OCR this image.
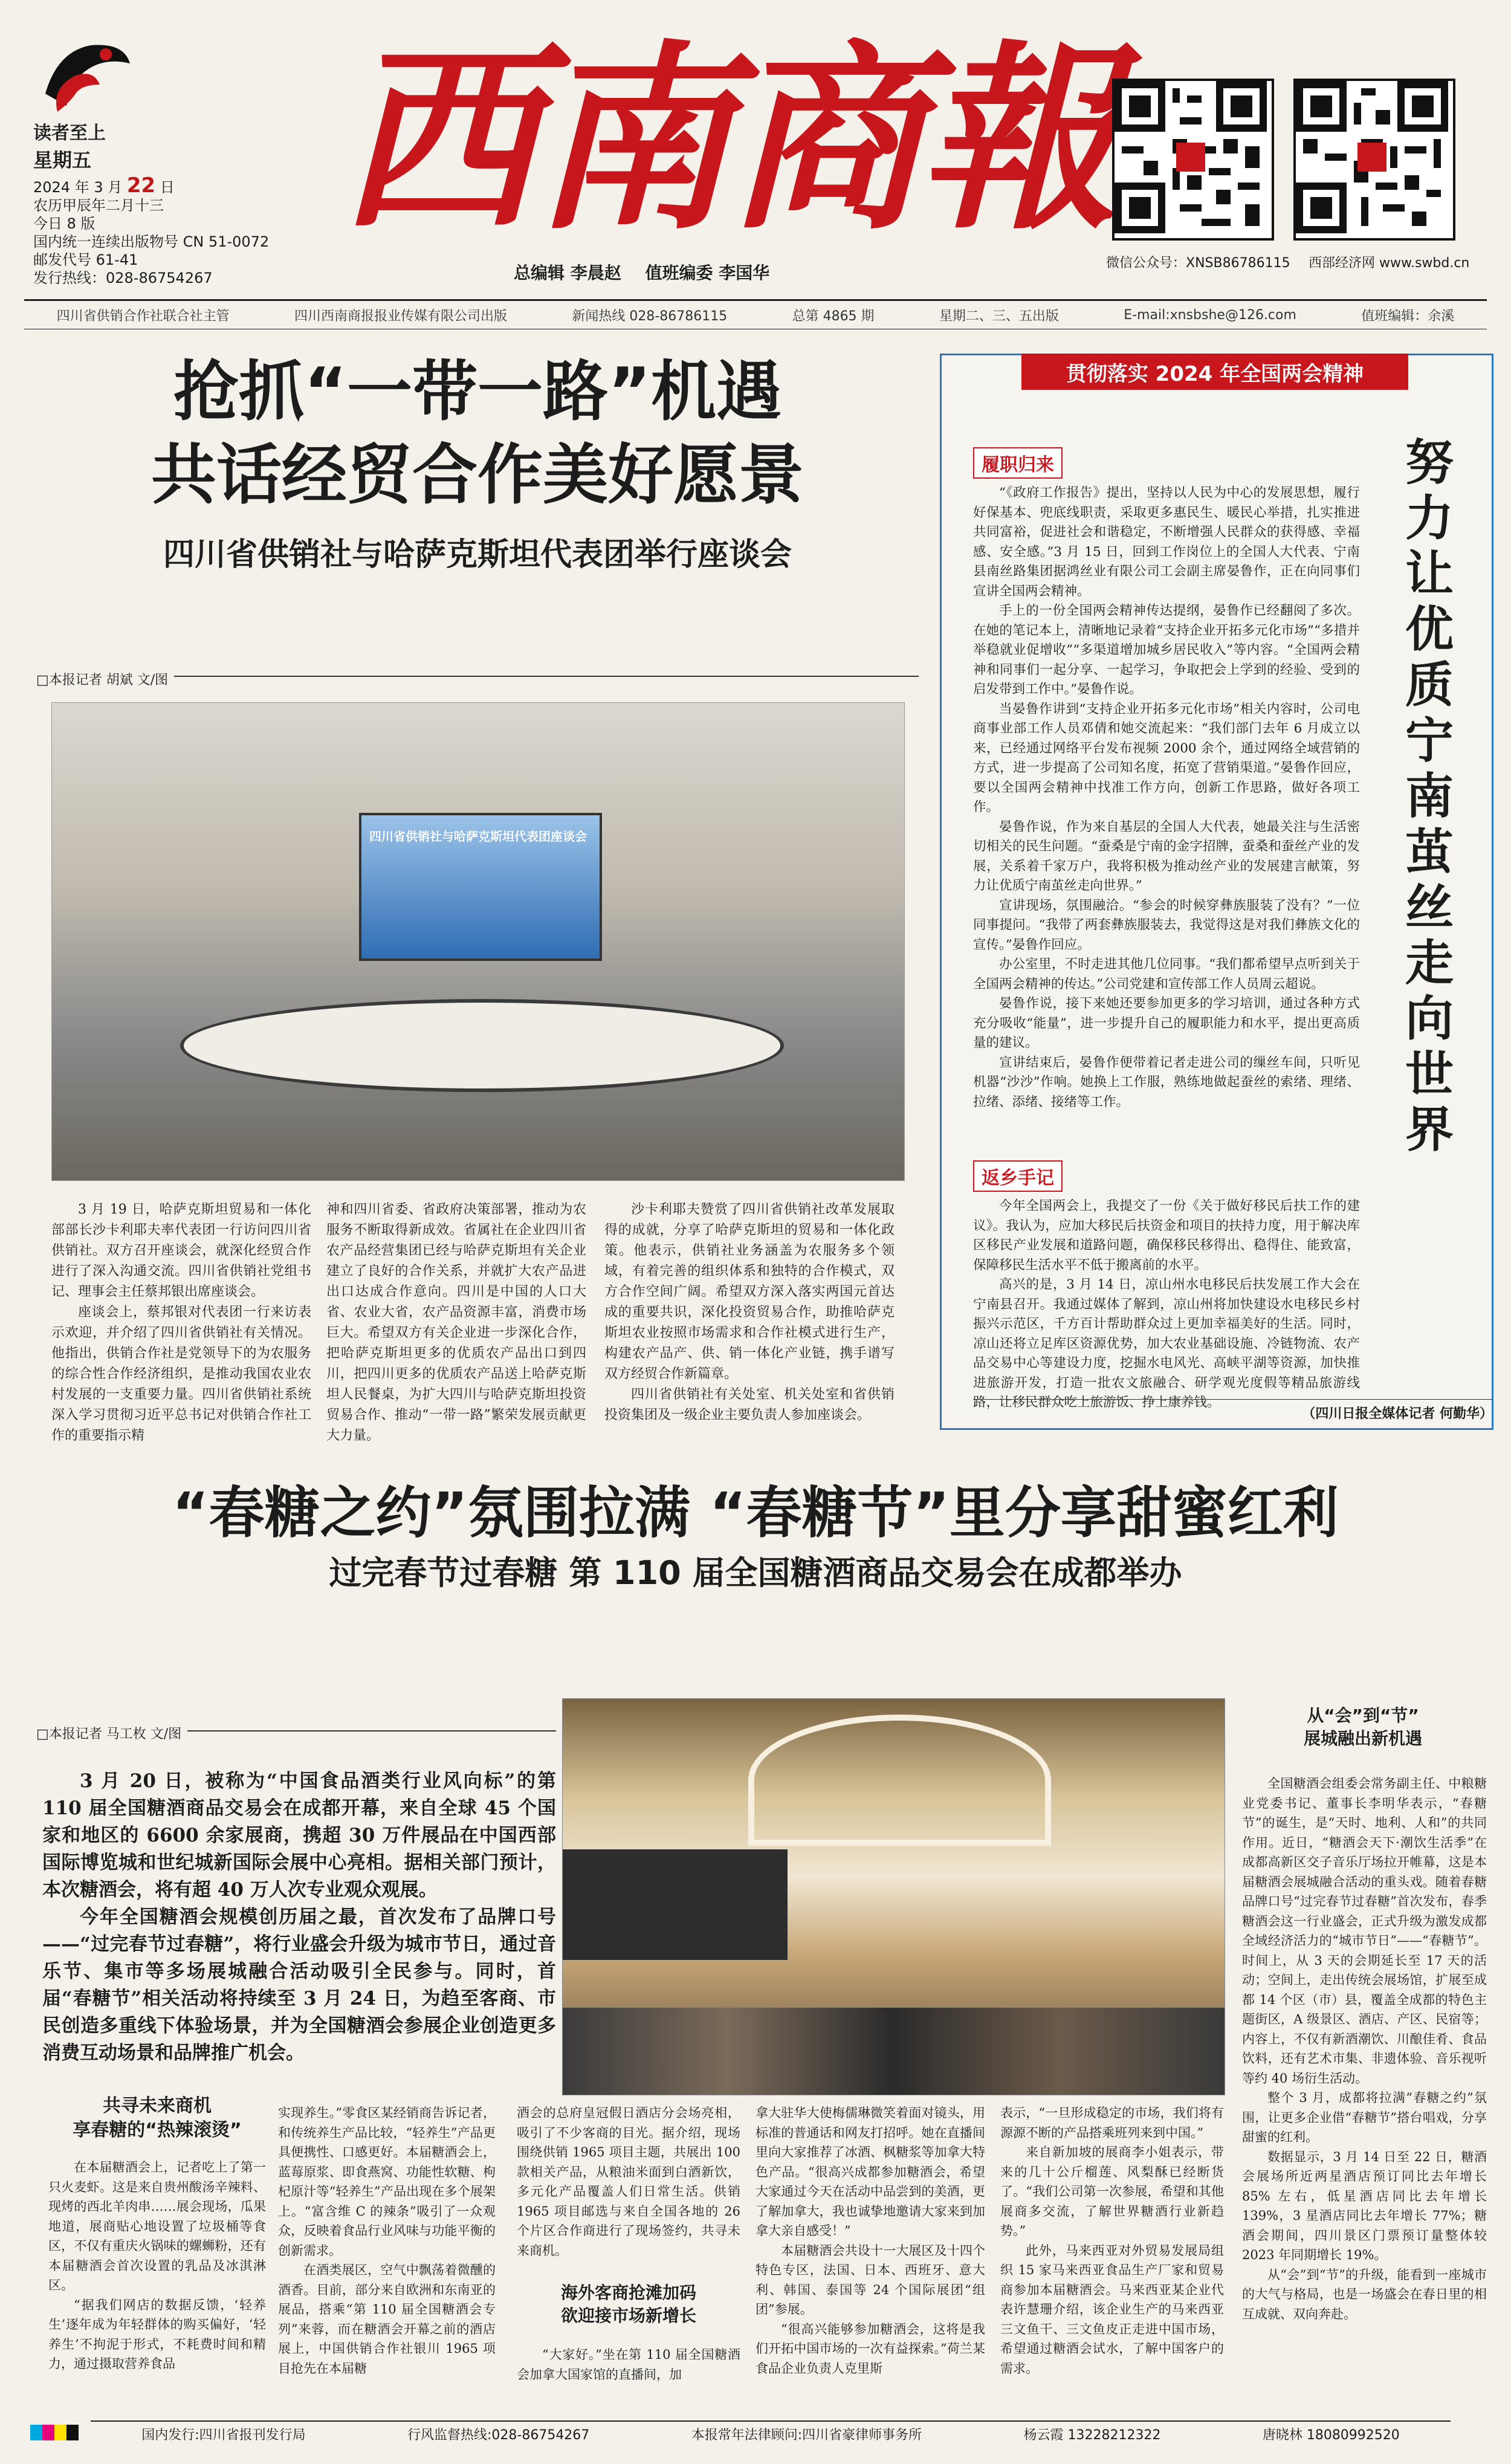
读者至上
星期五
2024 年 3 月 22 日
农历甲辰年二月十三
今日 8 版
国内统一连续出版物号 CN 51-0072
邮发代号 61-41
发行热线：028-86754267
西南商報
总编辑 李晨赵 值班编委 李国华	微信公众号：XNSB86786115 西部经济网 www.swbd.cn
四川省供销合作社联合社主管	四川西南商报报业传媒有限公司出版	新闻热线 028-86786115	总第 4865 期	星期二、三、五出版	E-mail:xnsbshe@126.com	值班编辑：余溪
抢抓“一带一路”机遇
共话经贸合作美好愿景
四川省供销社与哈萨克斯坦代表团举行座谈会
□本报记者 胡斌 文/图
四川省供销社与哈萨克斯坦代表团座谈会

3 月 19 日，哈萨克斯坦贸易和一体化部部长沙卡利耶夫率代表团一行访问四川省供销社。双方召开座谈会，就深化经贸合作进行了深入沟通交流。四川省供销社党组书记、理事会主任蔡邦银出席座谈会。

座谈会上，蔡邦银对代表团一行来访表示欢迎，并介绍了四川省供销社有关情况。他指出，供销合作社是党领导下的为农服务的综合性合作经济组织，是推动我国农业农村发展的一支重要力量。四川省供销社系统深入学习贯彻习近平总书记对供销合作社工作的重要指示精

神和四川省委、省政府决策部署，推动为农服务不断取得新成效。省属社在企业四川省农产品经营集团已经与哈萨克斯坦有关企业建立了良好的合作关系，并就扩大农产品进出口达成合作意向。四川是中国的人口大省、农业大省，农产品资源丰富，消费市场巨大。希望双方有关企业进一步深化合作，把哈萨克斯坦更多的优质农产品出口到四川，把四川更多的优质农产品送上哈萨克斯坦人民餐桌，为扩大四川与哈萨克斯坦投资贸易合作、推动“一带一路”繁荣发展贡献更大力量。

沙卡利耶夫赞赏了四川省供销社改革发展取得的成就，分享了哈萨克斯坦的贸易和一体化政策。他表示，供销社业务涵盖为农服务多个领域，有着完善的组织体系和独特的合作模式，双方合作空间广阔。希望双方深入落实两国元首达成的重要共识，深化投资贸易合作，助推哈萨克斯坦农业按照市场需求和合作社模式进行生产，构建农产品产、供、销一体化产业链，携手谱写双方经贸合作新篇章。

四川省供销社有关处室、机关处室和省供销投资集团及一级企业主要负责人参加座谈会。

贯彻落实 2024 年全国两会精神
努力让优质宁南茧丝走向世界
履职归来

“《政府工作报告》提出，坚持以人民为中心的发展思想，履行好保基本、兜底线职责，采取更多惠民生、暖民心举措，扎实推进共同富裕，促进社会和谐稳定，不断增强人民群众的获得感、幸福感、安全感。”3 月 15 日，回到工作岗位上的全国人大代表、宁南县南丝路集团据鸿丝业有限公司工会副主席晏鲁作，正在向同事们宣讲全国两会精神。

手上的一份全国两会精神传达提纲，晏鲁作已经翻阅了多次。在她的笔记本上，清晰地记录着“支持企业开拓多元化市场”“多措并举稳就业促增收”“多渠道增加城乡居民收入”等内容。“全国两会精神和同事们一起分享、一起学习，争取把会上学到的经验、受到的启发带到工作中。”晏鲁作说。

当晏鲁作讲到“支持企业开拓多元化市场”相关内容时，公司电商事业部工作人员邓倩和她交流起来：“我们部门去年 6 月成立以来，已经通过网络平台发布视频 2000 余个，通过网络全域营销的方式，进一步提高了公司知名度，拓宽了营销渠道。”晏鲁作回应，要以全国两会精神中找准工作方向，创新工作思路，做好各项工作。

晏鲁作说，作为来自基层的全国人大代表，她最关注与生活密切相关的民生问题。“蚕桑是宁南的金字招牌，蚕桑和蚕丝产业的发展，关系着千家万户，我将积极为推动丝产业的发展建言献策，努力让优质宁南茧丝走向世界。”

宣讲现场，氛围融洽。“参会的时候穿彝族服装了没有？”一位同事提问。“我带了两套彝族服装去，我觉得这是对我们彝族文化的宣传。”晏鲁作回应。

办公室里，不时走进其他几位同事。“我们都希望早点听到关于全国两会精神的传达。”公司党建和宣传部工作人员周云超说。

晏鲁作说，接下来她还要参加更多的学习培训，通过各种方式充分吸收“能量”，进一步提升自己的履职能力和水平，提出更高质量的建议。

宣讲结束后，晏鲁作便带着记者走进公司的缫丝车间，只听见机器“沙沙”作响。她换上工作服，熟练地做起蚕丝的索绪、理绪、拉绪、添绪、接绪等工作。

返乡手记

今年全国两会上，我提交了一份《关于做好移民后扶工作的建议》。我认为，应加大移民后扶资金和项目的扶持力度，用于解决库区移民产业发展和道路问题，确保移民移得出、稳得住、能致富，保障移民生活水平不低于搬离前的水平。

高兴的是，3 月 14 日，凉山州水电移民后扶发展工作大会在宁南县召开。我通过媒体了解到，凉山州将加快建设水电移民乡村振兴示范区，千方百计帮助群众过上更加幸福美好的生活。同时，凉山还将立足库区资源优势，加大农业基础设施、冷链物流、农产品交易中心等建设力度，挖掘水电风光、高峡平湖等资源，加快推进旅游开发，打造一批农文旅融合、研学观光度假等精品旅游线路，让移民群众吃上旅游饭、挣上康养钱。

（四川日报全媒体记者 何勤华）
“春糖之约”氛围拉满 “春糖节”里分享甜蜜红利
过完春节过春糖 第 110 届全国糖酒商品交易会在成都举办
□本报记者 马工枚 文/图

3 月 20 日，被称为“中国食品酒类行业风向标”的第 110 届全国糖酒商品交易会在成都开幕，来自全球 45 个国家和地区的 6600 余家展商，携超 30 万件展品在中国西部国际博览城和世纪城新国际会展中心亮相。据相关部门预计，本次糖酒会，将有超 40 万人次专业观众观展。

今年全国糖酒会规模创历届之最，首次发布了品牌口号——“过完春节过春糖”，将行业盛会升级为城市节日，通过音乐节、集市等多场展城融合活动吸引全民参与。同时，首届“春糖节”相关活动将持续至 3 月 24 日，为趋至客商、市民创造多重线下体验场景，并为全国糖酒会参展企业创造更多消费互动场景和品牌推广机会。

从“会”到“节”
展城融出新机遇

全国糖酒会组委会常务副主任、中粮糖业党委书记、董事长李明华表示，“春糖节”的诞生，是“天时、地利、人和”的共同作用。近日，“糖酒会天下·潮饮生活季”在成都高新区交子音乐厅场拉开帷幕，这是本届糖酒会展城融合活动的重头戏。随着春糖品牌口号“过完春节过春糖”首次发布，春季糖酒会这一行业盛会，正式升级为激发成都全域经济活力的“城市节日”——“春糖节”。时间上，从 3 天的会期延长至 17 天的活动；空间上，走出传统会展场馆，扩展至成都 14 个区（市）县，覆盖全成都的特色主题街区，A 级景区、酒店、产区、民宿等；内容上，不仅有新酒潮饮、川酿佳肴、食品饮料，还有艺术市集、非遗体验、音乐视听等约 40 场衍生活动。

整个 3 月，成都将拉满“春糖之约”氛围，让更多企业借“春糖节”搭台唱戏，分享甜蜜的红利。

数据显示，3 月 14 日至 22 日，糖酒会展场所近两星酒店预订同比去年增长 85% 左右，低星酒店同比去年增长 139%，3 星酒店同比去年增长 77%；糖酒会期间，四川景区门票预订量整体较 2023 年同期增长 19%。

从“会”到“节”的升级，能看到一座城市的大气与格局，也是一场盛会在春日里的相互成就、双向奔赴。

共寻未来商机
享春糖的“热辣滚烫”

在本届糖酒会上，记者吃上了第一只火麦虾。这是来自贵州酸汤辛辣料、现烤的西北羊肉串……展会现场，瓜果地道，展商贴心地设置了垃圾桶等食区，不仅有重庆火锅味的螺蛳粉，还有本届糖酒会首次设置的乳品及冰淇淋区。

“据我们网店的数据反馈，‘轻养生’逐年成为年轻群体的购买偏好，‘轻养生’不拘泥于形式，不耗费时间和精力，通过摄取营养食品

实现养生。”零食区某经销商告诉记者，和传统养生产品比较，“轻养生”产品更具便携性、口感更好。本届糖酒会上，蓝莓原浆、即食燕窝、功能性软糖、枸杞原汁等“轻养生”产品出现在多个展架上。“富含维 C 的辣条”吸引了一众观众，反映着食品行业风味与功能平衡的创新需求。

在酒类展区，空气中飘荡着微醺的酒香。目前，部分来自欧洲和东南亚的展品，搭乘“第 110 届全国糖酒会专列”来蓉，而在糖酒会开幕之前的酒店展上，中国供销合作社银川 1965 项目抢先在本届糖

酒会的总府皇冠假日酒店分会场亮相，吸引了不少客商的目光。据介绍，现场围绕供销 1965 项目主题，共展出 100 款相关产品，从粮油米面到白酒新饮，多元化产品覆盖人们日常生活。供销 1965 项目邮选与来自全国各地的 26 个片区合作商进行了现场签约，共寻未来商机。

海外客商抢滩加码
欲迎接市场新增长

“大家好。”坐在第 110 届全国糖酒会加拿大国家馆的直播间，加

拿大驻华大使梅儒琳微笑着面对镜头，用标准的普通话和网友打招呼。她在直播间里向大家推荐了冰酒、枫糖浆等加拿大特色产品。“很高兴成都参加糖酒会，希望大家通过今天在活动中品尝到的美酒，更了解加拿大，我也诚挚地邀请大家来到加拿大亲自感受！”

本届糖酒会共设十一大展区及十四个特色专区，法国、日本、西班牙、意大利、韩国、泰国等 24 个国际展团“组团”参展。

“很高兴能够参加糖酒会，这将是我们开拓中国市场的一次有益探索。”荷兰某食品企业负责人克里斯

表示，“一旦形成稳定的市场，我们将有源源不断的产品搭乘班列来到中国。”

来自新加坡的展商李小姐表示，带来的几十公斤榴莲、风梨酥已经断货了。“我们公司第一次参展，希望和其他展商多交流，了解世界糖酒行业新趋势。”

此外，马来西亚对外贸易发展局组织 15 家马来西亚食品生产厂家和贸易商参加本届糖酒会。马来西亚某企业代表许慧珊介绍，该企业生产的马来西亚三文鱼干、三文鱼皮正走进中国市场，希望通过糖酒会试水，了解中国客户的需求。

国内发行:四川省报刊发行局	行风监督热线:028-86754267	本报常年法律顾问:四川省豪律师事务所	杨云霞 13228212322	唐晓林 18080992520
